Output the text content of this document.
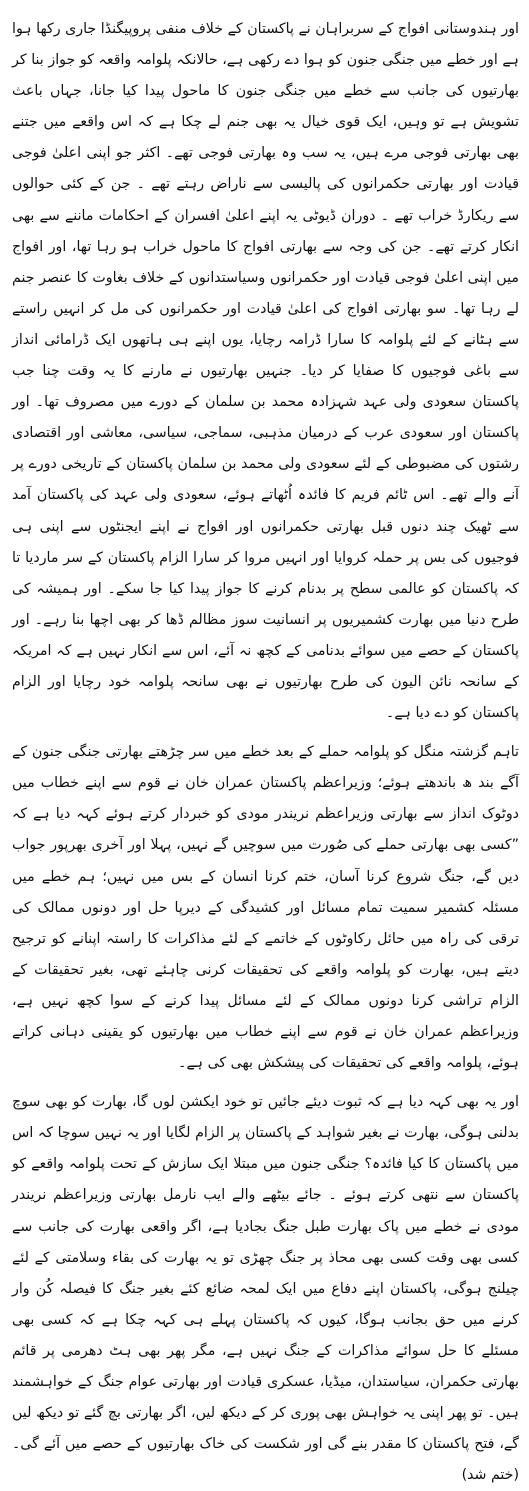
اور ہندوستانی افواج کے سربراہان نے پاکستان کے خلاف منفی پروپیگنڈا جاری رکھا ہوا ہے اور خطے میں جنگی جنون کو ہوا دے رکھی ہے، حالانکہ پلوامہ واقعہ کو جواز بنا کر بھارتیوں کی جانب سے خطے میں جنگی جنون کا ماحول پیدا کیا جانا، جہاں باعث تشویش ہے تو وہیں، ایک قوی خیال یہ بھی جنم لے چکا ہے کہ اس واقعے میں جتنے بھی بھارتی فوجی مرے ہیں، یہ سب وہ بھارتی فوجی تھے۔ اکثر جو اپنی اعلیٰ فوجی قیادت اور بھارتی حکمرانوں کی پالیسی سے ناراض رہتے تھے ۔ جن کے کئی حوالوں سے ریکارڈ خراب تھے ۔ دوران ڈیوٹی یہ اپنے اعلیٰ افسران کے احکامات ماننے سے بھی انکار کرتے تھے۔ جن کی وجہ سے بھارتی افواج کا ماحول خراب ہو رہا تھا، اور افواج میں اپنی اعلیٰ فوجی قیادت اور حکمرانوں وسیاستدانوں کے خلاف بغاوت کا عنصر جنم لے رہا تھا۔ سو بھارتی افواج کی اعلیٰ قیادت اور حکمرانوں کی مل کر انہیں راستے سے ہٹانے کے لئے پلوامہ کا سارا ڈرامہ رچایا، یوں اپنے ہی ہاتھوں ایک ڈرامائی انداز سے باغی فوجیوں کا صفایا کر دیا۔ جنہیں بھارتیوں نے مارنے کا یہ وقت چنا جب پاکستان سعودی ولی عہد شہزادہ محمد بن سلمان کے دورے میں مصروف تھا۔ اور پاکستان اور سعودی عرب کے درمیان مذہبی، سماجی، سیاسی، معاشی اور اقتصادی رشتوں کی مضبوطی کے لئے سعودی ولی محمد بن سلمان پاکستان کے تاریخی دورے پر آنے والے تھے۔ اس ٹائم فریم کا فائدہ اُٹھاتے ہوئے، سعودی ولی عہد کی پاکستان آمد سے ٹھیک چند دنوں قبل بھارتی حکمرانوں اور افواج نے اپنے ایجنٹوں سے اپنی ہی فوجیوں کی بس پر حملہ کروایا اور انہیں مروا کر سارا الزام پاکستان کے سر ماردیا تا کہ پاکستان کو عالمی سطح پر بدنام کرنے کا جواز پیدا کیا جا سکے۔ اور ہمیشہ کی طرح دنیا میں بھارت کشمیریوں پر انسانیت سوز مظالم ڈھا کر بھی اچھا بنا رہے۔ اور پاکستان کے حصے میں سوائے بدنامی کے کچھ نہ آئے، اس سے انکار نہیں ہے کہ امریکہ کے سانحہ نائن الیون کی طرح بھارتیوں نے بھی سانحہ پلوامہ خود رچایا اور الزام پاکستان کو دے دیا ہے۔

تاہم گزشتہ منگل کو پلوامہ حملے کے بعد خطے میں سر چڑھتے بھارتی جنگی جنون کے آگے بند ھ باندھتے ہوئے؛ وزیراعظم پاکستان عمران خان نے قوم سے اپنے خطاب میں دوٹوک انداز سے بھارتی وزیراعظم نریندر مودی کو خبردار کرتے ہوئے کہہ دیا ہے کہ ”کسی بھی بھارتی حملے کی صُورت میں سوچیں گے نہیں، پہلا اور آخری بھرپور جواب دیں گے، جنگ شروع کرنا آسان، ختم کرنا انسان کے بس میں نہیں؛ ہم خطے میں مسئلہ کشمیر سمیت تمام مسائل اور کشیدگی کے دیرپا حل اور دونوں ممالک کی ترقی کی راہ میں حائل رکاوٹوں کے خاتمے کے لئے مذاکرات کا راستہ اپنانے کو ترجیح دیتے ہیں، بھارت کو پلوامہ واقعے کی تحقیقات کرنی چاہئے تھی، بغیر تحقیقات کے الزام تراشی کرنا دونوں ممالک کے لئے مسائل پیدا کرنے کے سوا کچھ نہیں ہے، وزیراعظم عمران خان نے قوم سے اپنے خطاب میں بھارتیوں کو یقینی دہانی کراتے ہوئے، پلوامہ واقعے کی تحقیقات کی پیشکش بھی کی ہے۔

اور یہ بھی کہہ دیا ہے کہ ثبوت دیئے جائیں تو خود ایکشن لوں گا، بھارت کو بھی سوچ بدلنی ہوگی، بھارت نے بغیر شواہد کے پاکستان پر الزام لگایا اور یہ نہیں سوچا کہ اس میں پاکستان کا کیا فائدہ؟ جنگی جنون میں مبتلا ایک سازش کے تحت پلوامہ واقعے کو پاکستان سے نتھی کرتے ہوئے ۔ جائے بیٹھے والے ایب نارمل بھارتی وزیراعظم نریندر مودی نے خطے میں پاک بھارت طبل جنگ بجادیا ہے، اگر واقعی بھارت کی جانب سے کسی بھی وقت کسی بھی محاذ پر جنگ چھڑی تو یہ بھارت کی بقاء وسلامتی کے لئے چیلنج ہوگی، پاکستان اپنے دفاع میں ایک لمحہ ضائع کئے بغیر جنگ کا فیصلہ کُن وار کرنے میں حق بجانب ہوگا، کیوں کہ پاکستان پہلے ہی کہہ چکا ہے کہ کسی بھی مسئلے کا حل سوائے مذاکرات کے جنگ نہیں ہے، مگر پھر بھی ہٹ دھرمی پر قائم بھارتی حکمران، سیاستدان، میڈیا، عسکری قیادت اور بھارتی عوام جنگ کے خواہشمند ہیں۔ تو پھر اپنی یہ خواہش بھی پوری کر کے دیکھ لیں، اگر بھارتی بچ گئے تو دیکھ لیں گے، فتح پاکستان کا مقدر بنے گی اور شکست کی خاک بھارتیوں کے حصے میں آئے گی۔ (ختم شد)
